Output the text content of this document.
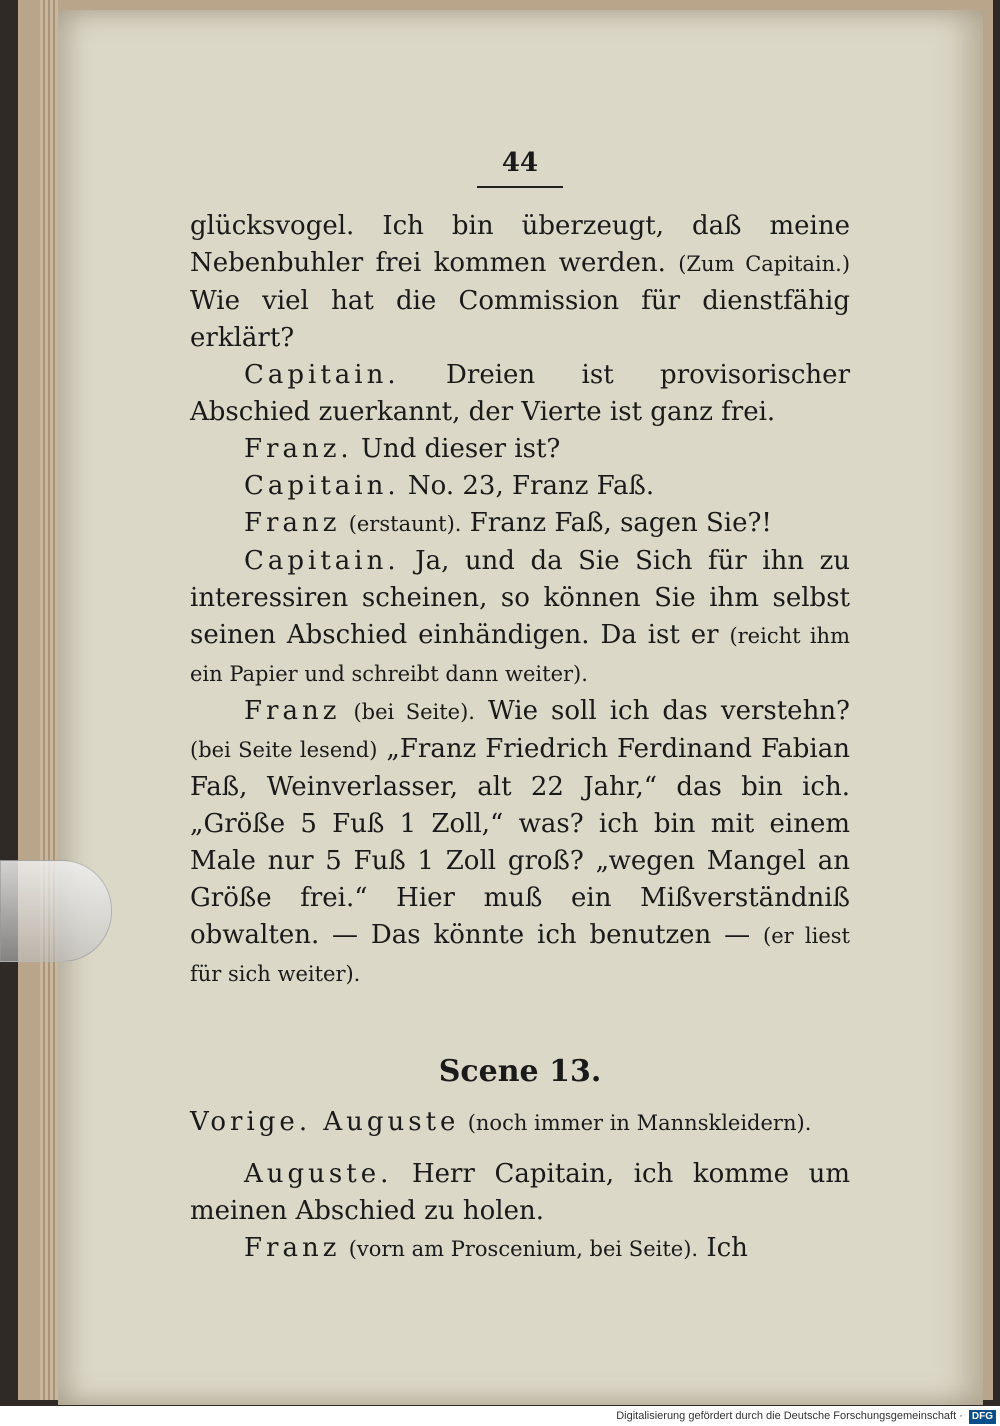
44

glücksvogel. Ich bin überzeugt, daß meine Nebenbuhler frei kommen werden. (Zum Capitain.) Wie viel hat die Commission für dienstfähig erklärt?

Capitain. Dreien ist provisorischer Abschied zuerkannt, der Vierte ist ganz frei.

Franz. Und dieser ist?

Capitain. No. 23, Franz Faß.

Franz (erstaunt). Franz Faß, sagen Sie?!

Capitain. Ja, und da Sie Sich für ihn zu interessiren scheinen, so können Sie ihm selbst seinen Abschied einhändigen. Da ist er (reicht ihm ein Papier und schreibt dann weiter).

Franz (bei Seite). Wie soll ich das verstehn? (bei Seite lesend) „Franz Friedrich Ferdinand Fabian Faß, Weinverlasser, alt 22 Jahr,“ das bin ich. „Größe 5 Fuß 1 Zoll,“ was? ich bin mit einem Male nur 5 Fuß 1 Zoll groß? „wegen Mangel an Größe frei.“ Hier muß ein Mißverständniß obwalten. — Das könnte ich benutzen — (er liest für sich weiter).

Scene 13.

Vorige. Auguste (noch immer in Mannskleidern).

Auguste. Herr Capitain, ich komme um meinen Abschied zu holen.

Franz (vorn am Proscenium, bei Seite). Ich

Digitalisierung gefördert durch die Deutsche Forschungsgemeinschaft · DFG
